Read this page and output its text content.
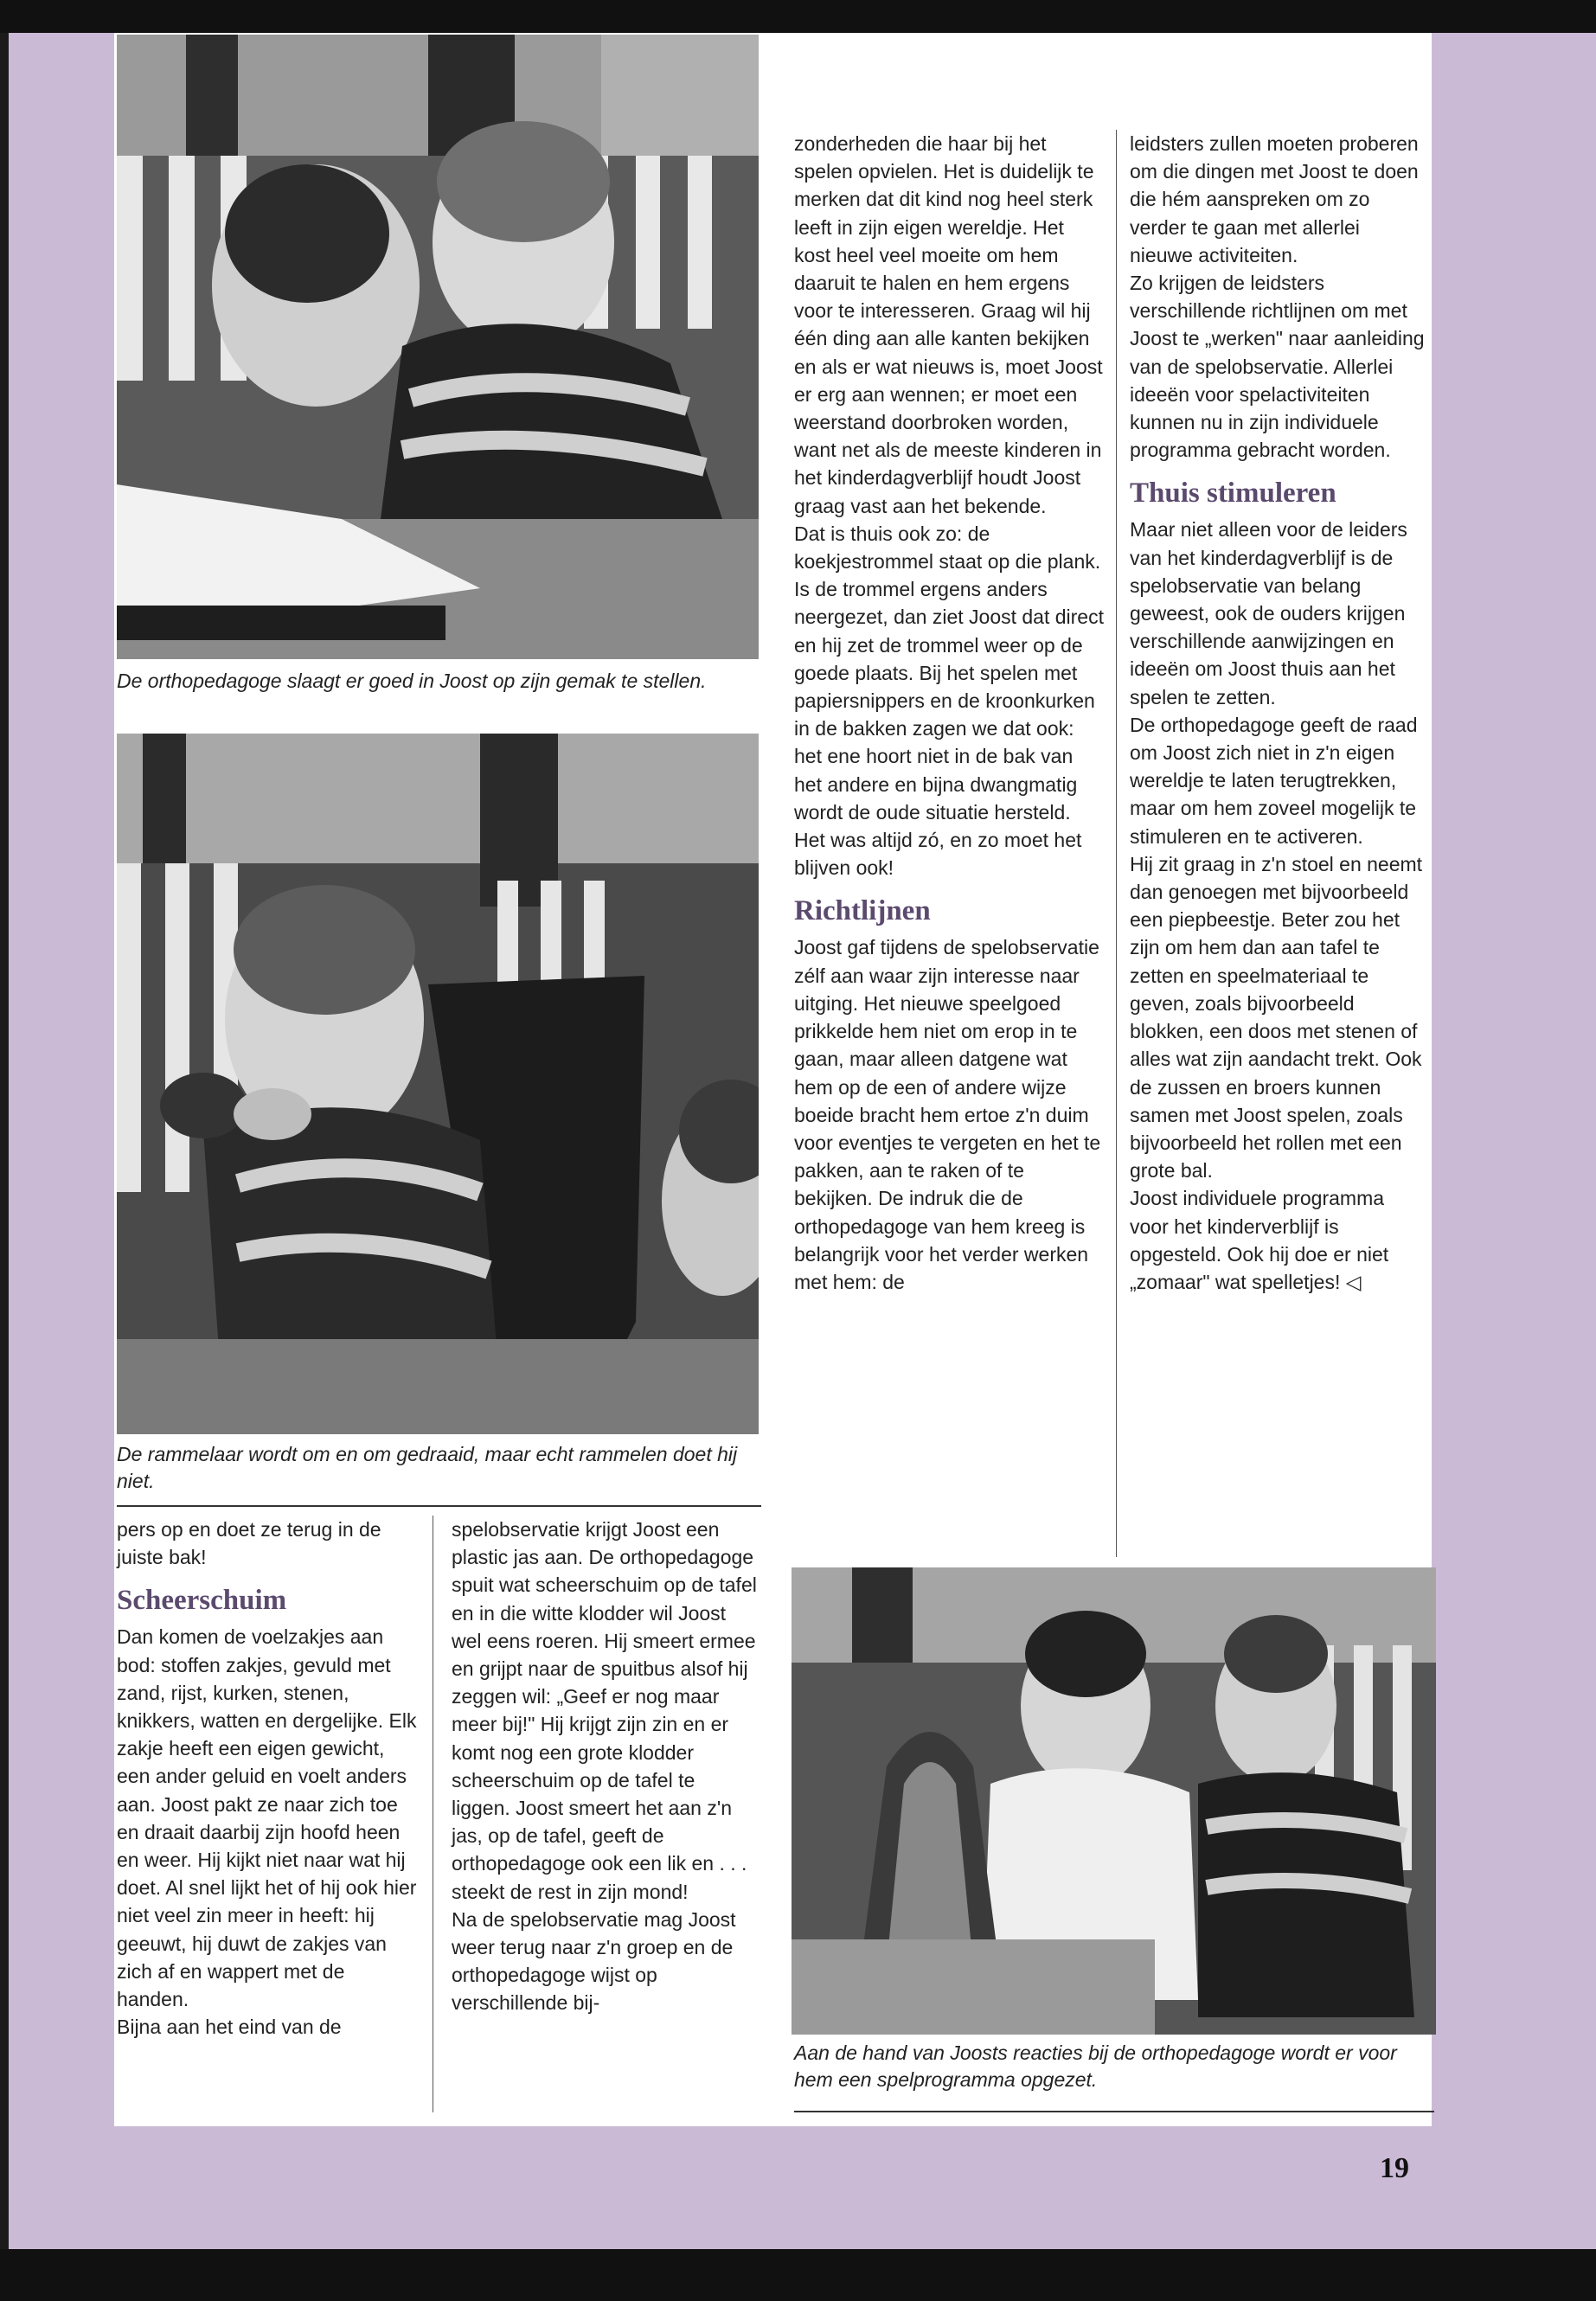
De orthopedagoge slaagt er goed in Joost op zijn gemak te stellen.
De rammelaar wordt om en om gedraaid, maar echt rammelen doet hij niet.
Aan de hand van Joosts reacties bij de orthopedagoge wordt er voor hem een spelprogramma opgezet.

pers op en doet ze terug in de juiste bak!

Scheerschuim

Dan komen de voelzakjes aan bod: stoffen zakjes, gevuld met zand, rijst, kurken, stenen, knikkers, watten en dergelijke. Elk zakje heeft een eigen gewicht, een ander geluid en voelt anders aan. Joost pakt ze naar zich toe en draait daarbij zijn hoofd heen en weer. Hij kijkt niet naar wat hij doet. Al snel lijkt het of hij ook hier niet veel zin meer in heeft: hij geeuwt, hij duwt de zakjes van zich af en wappert met de handen.

Bijna aan het eind van de

spelobservatie krijgt Joost een plastic jas aan. De orthopedagoge spuit wat scheerschuim op de tafel en in die witte klodder wil Joost wel eens roeren. Hij smeert ermee en grijpt naar de spuitbus alsof hij zeggen wil: „Geef er nog maar meer bij!" Hij krijgt zijn zin en er komt nog een grote klodder scheerschuim op de tafel te liggen. Joost smeert het aan z'n jas, op de tafel, geeft de orthopedagoge ook een lik en . . . steekt de rest in zijn mond!

Na de spelobservatie mag Joost weer terug naar z'n groep en de orthopedagoge wijst op verschillende bij-

zonderheden die haar bij het spelen opvielen. Het is duidelijk te merken dat dit kind nog heel sterk leeft in zijn eigen wereldje. Het kost heel veel moeite om hem daaruit te halen en hem ergens voor te interesseren. Graag wil hij één ding aan alle kanten bekijken en als er wat nieuws is, moet Joost er erg aan wennen; er moet een weerstand doorbroken worden, want net als de meeste kinderen in het kinderdagverblijf houdt Joost graag vast aan het bekende.

Dat is thuis ook zo: de koekjestrommel staat op die plank. Is de trommel ergens anders neergezet, dan ziet Joost dat direct en hij zet de trommel weer op de goede plaats. Bij het spelen met papiersnippers en de kroonkurken in de bakken zagen we dat ook: het ene hoort niet in de bak van het andere en bijna dwangmatig wordt de oude situatie hersteld. Het was altijd zó, en zo moet het blijven ook!

Richtlijnen

Joost gaf tijdens de spelobservatie zélf aan waar zijn interesse naar uitging. Het nieuwe speelgoed prikkelde hem niet om erop in te gaan, maar alleen datgene wat hem op de een of andere wijze boeide bracht hem ertoe z'n duim voor eventjes te vergeten en het te pakken, aan te raken of te bekijken. De indruk die de orthopedagoge van hem kreeg is belangrijk voor het verder werken met hem: de

leidsters zullen moeten proberen om die dingen met Joost te doen die hém aanspreken om zo verder te gaan met allerlei nieuwe activiteiten.

Zo krijgen de leidsters verschillende richtlijnen om met Joost te „werken" naar aanleiding van de spelobservatie. Allerlei ideeën voor spelactiviteiten kunnen nu in zijn individuele programma gebracht worden.

Thuis stimuleren

Maar niet alleen voor de leiders van het kinderdagverblijf is de spelobservatie van belang geweest, ook de ouders krijgen verschillende aanwijzingen en ideeën om Joost thuis aan het spelen te zetten.

De orthopedagoge geeft de raad om Joost zich niet in z'n eigen wereldje te laten terugtrekken, maar om hem zoveel mogelijk te stimuleren en te activeren.

Hij zit graag in z'n stoel en neemt dan genoegen met bijvoorbeeld een piepbeestje. Beter zou het zijn om hem dan aan tafel te zetten en speelmateriaal te geven, zoals bijvoorbeeld blokken, een doos met stenen of alles wat zijn aandacht trekt. Ook de zussen en broers kunnen samen met Joost spelen, zoals bijvoorbeeld het rollen met een grote bal.

Joost individuele programma voor het kinderverblijf is opgesteld. Ook hij doe er niet „zomaar" wat spelletjes! ◁

19
